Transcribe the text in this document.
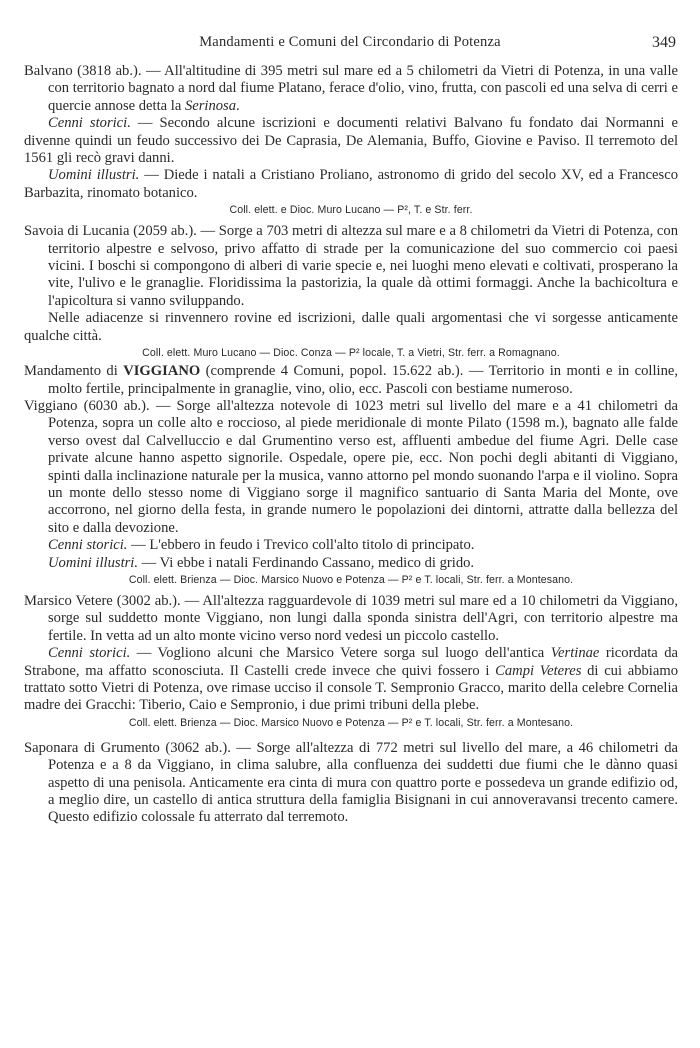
Mandamenti e Comuni del Circondario di Potenza	349

Balvano (3818 ab.). — All'altitudine di 395 metri sul mare ed a 5 chilometri da Vietri di Potenza, in una valle con territorio bagnato a nord dal fiume Platano, ferace d'olio, vino, frutta, con pascoli ed una selva di cerri e quercie annose detta la Serinosa.

Cenni storici. — Secondo alcune iscrizioni e documenti relativi Balvano fu fondato dai Normanni e divenne quindi un feudo successivo dei De Caprasia, De Alemania, Buffo, Giovine e Paviso. Il terremoto del 1561 gli recò gravi danni.

Uomini illustri. — Diede i natali a Cristiano Proliano, astronomo di grido del secolo XV, ed a Francesco Barbazita, rinomato botanico.

Coll. elett. e Dioc. Muro Lucano — P², T. e Str. ferr.

Savoia di Lucania (2059 ab.). — Sorge a 703 metri di altezza sul mare e a 8 chilometri da Vietri di Potenza, con territorio alpestre e selvoso, privo affatto di strade per la comunicazione del suo commercio coi paesi vicini. I boschi si compongono di alberi di varie specie e, nei luoghi meno elevati e coltivati, prosperano la vite, l'ulivo e le granaglie. Floridissima la pastorizia, la quale dà ottimi formaggi. Anche la bachicoltura e l'apicoltura si vanno sviluppando.

Nelle adiacenze si rinvennero rovine ed iscrizioni, dalle quali argomentasi che vi sorgesse anticamente qualche città.

Coll. elett. Muro Lucano — Dioc. Conza — P² locale, T. a Vietri, Str. ferr. a Romagnano.

Mandamento di VIGGIANO (comprende 4 Comuni, popol. 15.622 ab.). — Territorio in monti e in colline, molto fertile, principalmente in granaglie, vino, olio, ecc. Pascoli con bestiame numeroso.

Viggiano (6030 ab.). — Sorge all'altezza notevole di 1023 metri sul livello del mare e a 41 chilometri da Potenza, sopra un colle alto e roccioso, al piede meridionale di monte Pilato (1598 m.), bagnato alle falde verso ovest dal Calvelluccio e dal Grumentino verso est, affluenti ambedue del fiume Agri. Delle case private alcune hanno aspetto signorile. Ospedale, opere pie, ecc. Non pochi degli abitanti di Viggiano, spinti dalla inclinazione naturale per la musica, vanno attorno pel mondo suonando l'arpa e il violino. Sopra un monte dello stesso nome di Viggiano sorge il magnifico santuario di Santa Maria del Monte, ove accorrono, nel giorno della festa, in grande numero le popolazioni dei dintorni, attratte dalla bellezza del sito e dalla devozione.

Cenni storici. — L'ebbero in feudo i Trevico coll'alto titolo di principato.

Uomini illustri. — Vi ebbe i natali Ferdinando Cassano, medico di grido.

Coll. elett. Brienza — Dioc. Marsico Nuovo e Potenza — P² e T. locali, Str. ferr. a Montesano.

Marsico Vetere (3002 ab.). — All'altezza ragguardevole di 1039 metri sul mare ed a 10 chilometri da Viggiano, sorge sul suddetto monte Viggiano, non lungi dalla sponda sinistra dell'Agri, con territorio alpestre ma fertile. In vetta ad un alto monte vicino verso nord vedesi un piccolo castello.

Cenni storici. — Vogliono alcuni che Marsico Vetere sorga sul luogo dell'antica Vertinae ricordata da Strabone, ma affatto sconosciuta. Il Castelli crede invece che quivi fossero i Campi Veteres di cui abbiamo trattato sotto Vietri di Potenza, ove rimase ucciso il console T. Sempronio Gracco, marito della celebre Cornelia madre dei Gracchi: Tiberio, Caio e Sempronio, i due primi tribuni della plebe.

Coll. elett. Brienza — Dioc. Marsico Nuovo e Potenza — P² e T. locali, Str. ferr. a Montesano.

Saponara di Grumento (3062 ab.). — Sorge all'altezza di 772 metri sul livello del mare, a 46 chilometri da Potenza e a 8 da Viggiano, in clima salubre, alla confluenza dei suddetti due fiumi che le dànno quasi aspetto di una penisola. Anticamente era cinta di mura con quattro porte e possedeva un grande edifizio od, a meglio dire, un castello di antica struttura della famiglia Bisignani in cui annoveravansi trecento camere. Questo edifizio colossale fu atterrato dal terremoto.
